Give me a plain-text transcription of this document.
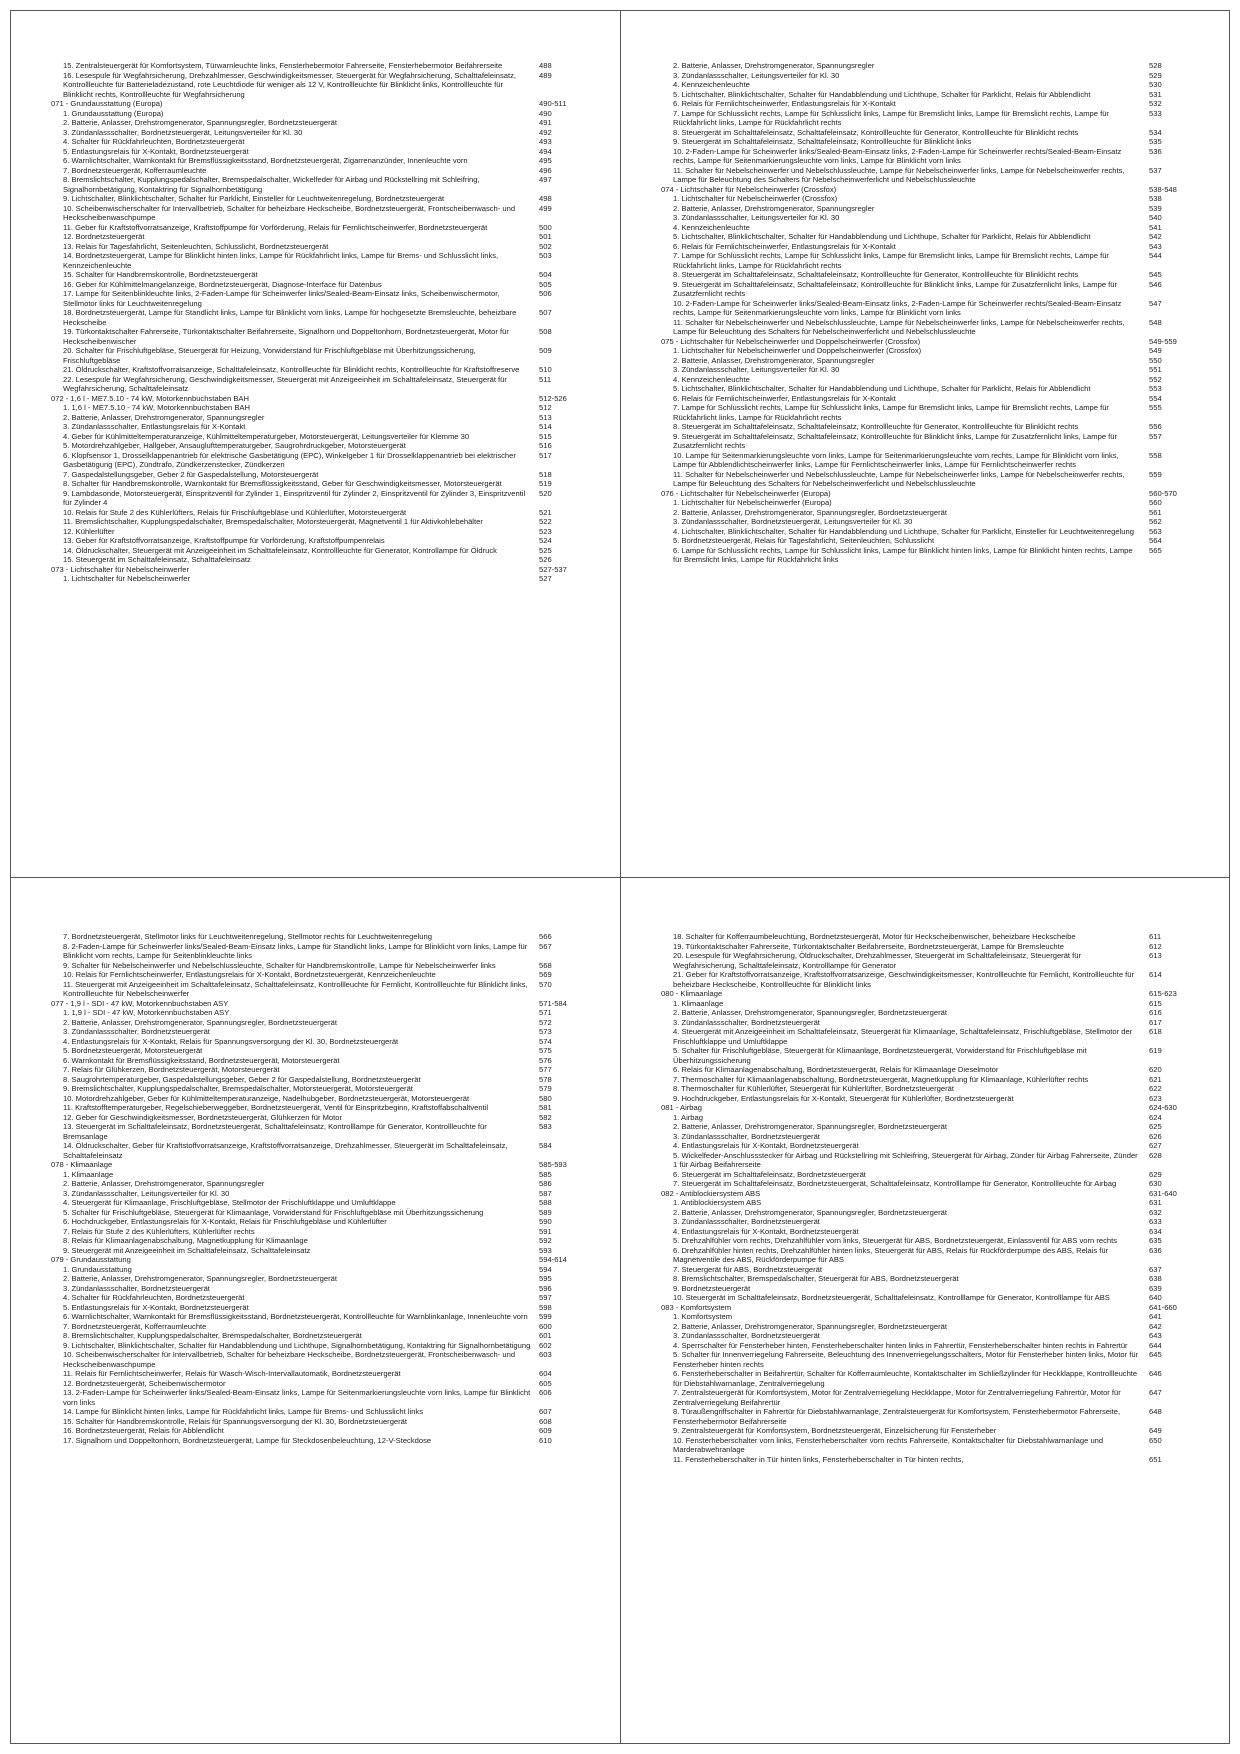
15. Zentralsteuergerät für Komfortsystem, Türwarnleuchte links, Fensterhebermotor Fahrerseite, Fensterhebermotor Beifahrerseite	488
16. Lesespule für Wegfahrsicherung, Drehzahlmesser, Geschwindigkeitsmesser, Steuergerät für Wegfahrsicherung, Schalttafeleinsatz, Kontrollleuchte für Batterieladezustand, rote Leuchtdiode für weniger als 12 V, Kontrollleuchte für Blinklicht links, Kontrollleuchte für Blinklicht rechts, Kontrollleuchte für Wegfahrsicherung
489
071 - Grundausstattung (Europa)	490-511
1. Grundausstattung (Europa)	490
2. Batterie, Anlasser, Drehstromgenerator, Spannungsregler, Bordnetzsteuergerät	491
3. Zündanlassschalter, Bordnetzsteuergerät, Leitungsverteiler für Kl. 30	492
4. Schalter für Rückfahrleuchten, Bordnetzsteuergerät	493
5. Entlastungsrelais für X-Kontakt, Bordnetzsteuergerät	494
6. Warnlichtschalter, Warnkontakt für Bremsflüssigkeitsstand, Bordnetzsteuergerät, Zigarrenanzünder, Innenleuchte vorn	495
7. Bordnetzsteuergerät, Kofferraumleuchte	496
8. Bremslichtschalter, Kupplungspedalschalter, Bremspedalschalter, Wickelfeder für Airbag und Rückstellring mit Schleifring, Signalhornbetätigung, Kontaktring für Signalhornbetätigung
497
9. Lichtschalter, Blinklichtschalter, Schalter für Parklicht, Einsteller für Leuchtweitenregelung, Bordnetzsteuergerät	498
10. Scheibenwischerschalter für Intervallbetrieb, Schalter für beheizbare Heckscheibe, Bordnetzsteuergerät, Frontscheibenwasch- und Heckscheibenwaschpumpe
499
11. Geber für Kraftstoffvorratsanzeige, Kraftstoffpumpe für Vorförderung, Relais für Fernlichtscheinwerfer, Bordnetzsteuergerät	500
12. Bordnetzsteuergerät	501
13. Relais für Tagesfahrlicht, Seitenleuchten, Schlusslicht, Bordnetzsteuergerät	502
14. Bordnetzsteuergerät, Lampe für Blinklicht hinten links, Lampe für Rückfahrlicht links, Lampe für Brems- und Schlusslicht links, Kennzeichenleuchte
503
15. Schalter für Handbremskontrolle, Bordnetzsteuergerät	504
16. Geber für Kühlmittelmangelanzeige, Bordnetzsteuergerät, Diagnose-Interface für Datenbus	505
17. Lampe für Seitenblinkleuchte links, 2-Faden-Lampe für Scheinwerfer links/Sealed-Beam-Einsatz links, Scheibenwischermotor, Stellmotor links für Leuchtweitenregelung
506
18. Bordnetzsteuergerät, Lampe für Standlicht links, Lampe für Blinklicht vorn links, Lampe für hochgesetzte Bremsleuchte, beheizbare Heckscheibe
507
19. Türkontaktschalter Fahrerseite, Türkontaktschalter Beifahrerseite, Signalhorn und Doppeltonhorn, Bordnetzsteuergerät, Motor für Heckscheibenwischer
508
20. Schalter für Frischluftgebläse, Steuergerät für Heizung, Vorwiderstand für Frischluftgebläse mit Überhitzungssicherung, Frischluftgebläse
509
21. Öldruckschalter, Kraftstoffvorratsanzeige, Schalttafeleinsatz, Kontrollleuchte für Blinklicht rechts, Kontrollleuchte für Kraftstoffreserve	510
22. Lesespule für Wegfahrsicherung, Geschwindigkeitsmesser, Steuergerät mit Anzeigeeinheit im Schalttafeleinsatz, Steuergerät für Wegfahrsicherung, Schalttafeleinsatz
511
072 - 1,6 l - ME7.5.10 - 74 kW, Motorkennbuchstaben BAH	512-526
1. 1,6 l - ME7.5.10 - 74 kW, Motorkennbuchstaben BAH	512
2. Batterie, Anlasser, Drehstromgenerator, Spannungsregler	513
3. Zündanlassschalter, Entlastungsrelais für X-Kontakt	514
4. Geber für Kühlmitteltemperaturanzeige, Kühlmitteltemperaturgeber, Motorsteuergerät, Leitungsverteiler für Klemme 30	515
5. Motordrehzahlgeber, Hallgeber, Ansauglufttemperaturgeber, Saugrohrdruckgeber, Motorsteuergerät	516
6. Klopfsensor 1, Drosselklappenantrieb für elektrische Gasbetätigung (EPC), Winkelgeber 1 für Drosselklappenantrieb bei elektrischer Gasbetätigung (EPC), Zündtrafo, Zündkerzenstecker, Zündkerzen
517
7. Gaspedalstellungsgeber, Geber 2 für Gaspedalstellung, Motorsteuergerät	518
8. Schalter für Handbremskontrolle, Warnkontakt für Bremsflüssigkeitsstand, Geber für Geschwindigkeitsmesser, Motorsteuergerät	519
9. Lambdasonde, Motorsteuergerät, Einspritzventil für Zylinder 1, Einspritzventil für Zylinder 2, Einspritzventil für Zylinder 3, Einspritzventil für Zylinder 4
520
10. Relais für Stufe 2 des Kühlerlüfters, Relais für Frischluftgebläse und Kühlerlüfter, Motorsteuergerät	521
11. Bremslichtschalter, Kupplungspedalschalter, Bremspedalschalter, Motorsteuergerät, Magnetventil 1 für Aktivkohlebehälter	522
12. Kühlerlüfter	523
13. Geber für Kraftstoffvorratsanzeige, Kraftstoffpumpe für Vorförderung, Kraftstoffpumpenrelais	524
14. Öldruckschalter, Steuergerät mit Anzeigeeinheit im Schalttafeleinsatz, Kontrollleuchte für Generator, Kontrollampe für Öldruck	525
15. Steuergerät im Schalttafeleinsatz, Schalttafeleinsatz	526
073 - Lichtschalter für Nebelscheinwerfer	527-537
1. Lichtschalter für Nebelscheinwerfer	527
2. Batterie, Anlasser, Drehstromgenerator, Spannungsregler	528
3. Zündanlassschalter, Leitungsverteiler für Kl. 30	529
4. Kennzeichenleuchte	530
5. Lichtschalter, Blinklichtschalter, Schalter für Handabblendung und Lichthupe, Schalter für Parklicht, Relais für Abblendlicht	531
6. Relais für Fernlichtscheinwerfer, Entlastungsrelais für X-Kontakt	532
7. Lampe für Schlusslicht rechts, Lampe für Schlusslicht links, Lampe für Bremslicht links, Lampe für Bremslicht rechts, Lampe für Rückfahrlicht links, Lampe für Rückfahrlicht rechts
533
8. Steuergerät im Schalttafeleinsatz, Schalttafeleinsatz, Kontrollleuchte für Generator, Kontrollleuchte für Blinklicht rechts	534
9. Steuergerät im Schalttafeleinsatz, Schalttafeleinsatz, Kontrollleuchte für Blinklicht links	535
10. 2-Faden-Lampe für Scheinwerfer links/Sealed-Beam-Einsatz links, 2-Faden-Lampe für Scheinwerfer rechts/Sealed-Beam-Einsatz rechts, Lampe für Seitenmarkierungsleuchte vorn links, Lampe für Blinklicht vorn links
536
11. Schalter für Nebelscheinwerfer und Nebelschlussleuchte, Lampe für Nebelscheinwerfer links, Lampe für Nebelscheinwerfer rechts, Lampe für Beleuchtung des Schalters für Nebelscheinwerferlicht und Nebelschlussleuchte
537
074 - Lichtschalter für Nebelscheinwerfer (Crossfox)	538-548
1. Lichtschalter für Nebelscheinwerfer (Crossfox)	538
2. Batterie, Anlasser, Drehstromgenerator, Spannungsregler	539
3. Zündanlassschalter, Leitungsverteiler für Kl. 30	540
4. Kennzeichenleuchte	541
5. Lichtschalter, Blinklichtschalter, Schalter für Handabblendung und Lichthupe, Schalter für Parklicht, Relais für Abblendlicht	542
6. Relais für Fernlichtscheinwerfer, Entlastungsrelais für X-Kontakt	543
7. Lampe für Schlusslicht rechts, Lampe für Schlusslicht links, Lampe für Bremslicht links, Lampe für Bremslicht rechts, Lampe für Rückfahrlicht links, Lampe für Rückfahrlicht rechts
544
8. Steuergerät im Schalttafeleinsatz, Schalttafeleinsatz, Kontrollleuchte für Generator, Kontrollleuchte für Blinklicht rechts	545
9. Steuergerät im Schalttafeleinsatz, Schalttafeleinsatz, Kontrollleuchte für Blinklicht links, Lampe für Zusatzfernlicht links, Lampe für Zusatzfernlicht rechts
546
10. 2-Faden-Lampe für Scheinwerfer links/Sealed-Beam-Einsatz links, 2-Faden-Lampe für Scheinwerfer rechts/Sealed-Beam-Einsatz rechts, Lampe für Seitenmarkierungsleuchte vorn links, Lampe für Blinklicht vorn links
547
11. Schalter für Nebelscheinwerfer und Nebelschlussleuchte, Lampe für Nebelscheinwerfer links, Lampe für Nebelscheinwerfer rechts, Lampe für Beleuchtung des Schalters für Nebelscheinwerferlicht und Nebelschlussleuchte
548
075 - Lichtschalter für Nebelscheinwerfer und Doppelscheinwerfer (Crossfox)	549-559
1. Lichtschalter für Nebelscheinwerfer und Doppelscheinwerfer (Crossfox)	549
2. Batterie, Anlasser, Drehstromgenerator, Spannungsregler	550
3. Zündanlassschalter, Leitungsverteiler für Kl. 30	551
4. Kennzeichenleuchte	552
5. Lichtschalter, Blinklichtschalter, Schalter für Handabblendung und Lichthupe, Schalter für Parklicht, Relais für Abblendlicht	553
6. Relais für Fernlichtscheinwerfer, Entlastungsrelais für X-Kontakt	554
7. Lampe für Schlusslicht rechts, Lampe für Schlusslicht links, Lampe für Bremslicht links, Lampe für Bremslicht rechts, Lampe für Rückfahrlicht links, Lampe für Rückfahrlicht rechts
555
8. Steuergerät im Schalttafeleinsatz, Schalttafeleinsatz, Kontrollleuchte für Generator, Kontrollleuchte für Blinklicht rechts	556
9. Steuergerät im Schalttafeleinsatz, Schalttafeleinsatz, Kontrollleuchte für Blinklicht links, Lampe für Zusatzfernlicht links, Lampe für Zusatzfernlicht rechts
557
10. Lampe für Seitenmarkierungsleuchte vorn links, Lampe für Seitenmarkierungsleuchte vorn rechts, Lampe für Blinklicht vorn links, Lampe für Abblendlichtscheinwerfer links, Lampe für Fernlichtscheinwerfer links, Lampe für Fernlichtscheinwerfer rechts
558
11. Schalter für Nebelscheinwerfer und Nebelschlussleuchte, Lampe für Nebelscheinwerfer links, Lampe für Nebelscheinwerfer rechts, Lampe für Beleuchtung des Schalters für Nebelscheinwerferlicht und Nebelschlussleuchte
559
076 - Lichtschalter für Nebelscheinwerfer (Europa)	560-570
1. Lichtschalter für Nebelscheinwerfer (Europa)	560
2. Batterie, Anlasser, Drehstromgenerator, Spannungsregler, Bordnetzsteuergerät	561
3. Zündanlassschalter, Bordnetzsteuergerät, Leitungsverteiler für Kl. 30	562
4. Lichtschalter, Blinklichtschalter, Schalter für Handabblendung und Lichthupe, Schalter für Parklicht, Einsteller für Leuchtweitenregelung 563
5. Bordnetzsteuergerät, Relais für Tagesfahrlicht, Seitenleuchten, Schlusslicht	564
6. Lampe für Schlusslicht rechts, Lampe für Schlusslicht links, Lampe für Blinklicht hinten links, Lampe für Blinklicht hinten rechts, Lampe für Bremslicht links, Lampe für Rückfahrlicht links
565
7. Bordnetzsteuergerät, Stellmotor links für Leuchtweitenregelung, Stellmotor rechts für Leuchtweitenregelung	566
8. 2-Faden-Lampe für Scheinwerfer links/Sealed-Beam-Einsatz links, Lampe für Standlicht links, Lampe für Blinklicht vorn links, Lampe für Blinklicht vorn rechts, Lampe für Seitenblinkleuchte links
567
9. Schalter für Nebelscheinwerfer und Nebelschlussleuchte, Schalter für Handbremskontrolle, Lampe für Nebelscheinwerfer links	568
10. Relais für Fernlichtscheinwerfer, Entlastungsrelais für X-Kontakt, Bordnetzsteuergerät, Kennzeichenleuchte	569
11. Steuergerät mit Anzeigeeinheit im Schalttafeleinsatz, Schalttafeleinsatz, Kontrollleuchte für Fernlicht, Kontrollleuchte für Blinklicht links, Kontrollleuchte für Nebelscheinwerfer
570
077 - 1,9 l - SDI - 47 kW, Motorkennbuchstaben ASY	571-584
1. 1,9 l - SDI - 47 kW, Motorkennbuchstaben ASY	571
2. Batterie, Anlasser, Drehstromgenerator, Spannungsregler, Bordnetzsteuergerät	572
3. Zündanlassschalter, Bordnetzsteuergerät	573
4. Entlastungsrelais für X-Kontakt, Relais für Spannungsversorgung der Kl. 30, Bordnetzsteuergerät	574
5. Bordnetzsteuergerät, Motorsteuergerät	575
6. Warnkontakt für Bremsflüssigkeitsstand, Bordnetzsteuergerät, Motorsteuergerät	576
7. Relais für Glühkerzen, Bordnetzsteuergerät, Motorsteuergerät	577
8. Saugrohrtemperaturgeber, Gaspedalstellungsgeber, Geber 2 für Gaspedalstellung, Bordnetzsteuergerät	578
9. Bremslichtschalter, Kupplungspedalschalter, Bremspedalschalter, Motorsteuergerät, Motorsteuergerät	579
10. Motordrehzahlgeber, Geber für Kühlmitteltemperaturanzeige, Nadelhubgeber, Bordnetzsteuergerät, Motorsteuergerät	580
11. Kraftstofftemperaturgeber, Regelschieberweggeber, Bordnetzsteuergerät, Ventil für Einspritzbeginn, Kraftstoffabschaltventil	581
12. Geber für Geschwindigkeitsmesser, Bordnetzsteuergerät, Glühkerzen für Motor	582
13. Steuergerät im Schalttafeleinsatz, Bordnetzsteuergerät, Schalttafeleinsatz, Kontrolllampe für Generator, Kontrollleuchte für Bremsanlage
583
14. Öldruckschalter, Geber für Kraftstoffvorratsanzeige, Kraftstoffvorratsanzeige, Drehzahlmesser, Steuergerät im Schalttafeleinsatz, Schalttafeleinsatz
584
078 - Klimaanlage	585-593
1. Klimaanlage	585
2. Batterie, Anlasser, Drehstromgenerator, Spannungsregler	586
3. Zündanlassschalter, Leitungsverteiler für Kl. 30	587
4. Steuergerät für Klimaanlage, Frischluftgebläse, Stellmotor der Frischluftklappe und Umluftklappe	588
5. Schalter für Frischluftgebläse, Steuergerät für Klimaanlage, Vorwiderstand für Frischluftgebläse mit Überhitzungssicherung	589
6. Hochdruckgeber, Entlastungsrelais für X-Kontakt, Relais für Frischluftgebläse und Kühlerlüfter	590
7. Relais für Stufe 2 des Kühlerlüfters, Kühlerlüfter rechts	591
8. Relais für Klimaanlagenabschaltung, Magnetkupplung für Klimaanlage	592
9. Steuergerät mit Anzeigeeinheit im Schalttafeleinsatz, Schalttafeleinsatz	593
079 - Grundausstattung	594-614
1. Grundausstattung	594
2. Batterie, Anlasser, Drehstromgenerator, Spannungsregler, Bordnetzsteuergerät	595
3. Zündanlassschalter, Bordnetzsteuergerät	596
4. Schalter für Rückfahrleuchten, Bordnetzsteuergerät	597
5. Entlastungsrelais für X-Kontakt, Bordnetzsteuergerät	598
6. Warnlichtschalter, Warnkontakt für Bremsflüssigkeitsstand, Bordnetzsteuergerät, Kontrollleuchte für Warnblinkanlage, Innenleuchte vorn 599
7. Bordnetzsteuergerät, Kofferraumleuchte	600
8. Bremslichtschalter, Kupplungspedalschalter, Bremspedalschalter, Bordnetzsteuergerät	601
9. Lichtschalter, Blinklichtschalter, Schalter für Handabblendung und Lichthupe, Signalhornbetätigung, Kontaktring für Signalhornbetätigung 602
10. Scheibenwischerschalter für Intervallbetrieb, Schalter für beheizbare Heckscheibe, Bordnetzsteuergerät, Frontscheibenwasch- und Heckscheibenwaschpumpe
603
11. Relais für Fernlichtscheinwerfer, Relais für Wasch-Wisch-Intervallautomatik, Bordnetzsteuergerät	604
12. Bordnetzsteuergerät, Scheibenwischermotor	605
13. 2-Faden-Lampe für Scheinwerfer links/Sealed-Beam-Einsatz links, Lampe für Seitenmarkierungsleuchte vorn links, Lampe für Blinklicht vorn links
606
14. Lampe für Blinklicht hinten links, Lampe für Rückfahrlicht links, Lampe für Brems- und Schlusslicht links	607
15. Schalter für Handbremskontrolle, Relais für Spannungsversorgung der Kl. 30, Bordnetzsteuergerät	608
16. Bordnetzsteuergerät, Relais für Abblendlicht	609
17. Signalhorn und Doppeltonhorn, Bordnetzsteuergerät, Lampe für Steckdosenbeleuchtung, 12-V-Steckdose	610
18. Schalter für Kofferraumbeleuchtung, Bordnetzsteuergerät, Motor für Heckscheibenwischer, beheizbare Heckscheibe	611
19. Türkontaktschalter Fahrerseite, Türkontaktschalter Beifahrerseite, Bordnetzsteuergerät, Lampe für Bremsleuchte	612
20. Lesespule für Wegfahrsicherung, Öldruckschalter, Drehzahlmesser, Steuergerät im Schalttafeleinsatz, Steuergerät für Wegfahrsicherung, Schalttafeleinsatz, Kontrolllampe für Generator
613
21. Geber für Kraftstoffvorratsanzeige, Kraftstoffvorratsanzeige, Geschwindigkeitsmesser, Kontrollleuchte für Fernlicht, Kontrollleuchte für beheizbare Heckscheibe, Kontrollleuchte für Blinklicht links
614
080 - Klimaanlage	615-623
1. Klimaanlage	615
2. Batterie, Anlasser, Drehstromgenerator, Spannungsregler, Bordnetzsteuergerät	616
3. Zündanlassschalter, Bordnetzsteuergerät	617
4. Steuergerät mit Anzeigeeinheit im Schalttafeleinsatz, Steuergerät für Klimaanlage, Schalttafeleinsatz, Frischluftgebläse, Stellmotor der Frischluftklappe und Umluftklappe
618
5. Schalter für Frischluftgebläse, Steuergerät für Klimaanlage, Bordnetzsteuergerät, Vorwiderstand für Frischluftgebläse mit Überhitzungssicherung
619
6. Relais für Klimaanlagenabschaltung, Bordnetzsteuergerät, Relais für Klimaanlage Dieselmotor	620
7. Thermoschalter für Klimaanlagenabschaltung, Bordnetzsteuergerät, Magnetkupplung für Klimaanlage, Kühlerlüfter rechts	621
8. Thermoschalter für Kühlerlüfter, Steuergerät für Kühlerlüfter, Bordnetzsteuergerät	622
9. Hochdruckgeber, Entlastungsrelais für X-Kontakt, Steuergerät für Kühlerlüfter, Bordnetzsteuergerät	623
081 - Airbag	624-630
1. Airbag	624
2. Batterie, Anlasser, Drehstromgenerator, Spannungsregler, Bordnetzsteuergerät	625
3. Zündanlassschalter, Bordnetzsteuergerät	626
4. Entlastungsrelais für X-Kontakt, Bordnetzsteuergerät	627
5. Wickelfeder-Anschlussstecker für Airbag und Rückstellring mit Schleifring, Steuergerät für Airbag, Zünder für Airbag Fahrerseite, Zünder 1 für Airbag Beifahrerseite
628
6. Steuergerät im Schalttafeleinsatz, Bordnetzsteuergerät	629
7. Steuergerät im Schalttafeleinsatz, Bordnetzsteuergerät, Schalttafeleinsatz, Kontrolllampe für Generator, Kontrollleuchte für Airbag	630
082 - Antiblockiersystem ABS	631-640
1. Antiblockiersystem ABS	631
2. Batterie, Anlasser, Drehstromgenerator, Spannungsregler, Bordnetzsteuergerät	632
3. Zündanlassschalter, Bordnetzsteuergerät	633
4. Entlastungsrelais für X-Kontakt, Bordnetzsteuergerät	634
5. Drehzahlfühler vorn rechts, Drehzahlfühler vorn links, Steuergerät für ABS, Bordnetzsteuergerät, Einlassventil für ABS vorn rechts	635
6. Drehzahlfühler hinten rechts, Drehzahlfühler hinten links, Steuergerät für ABS, Relais für Rückförderpumpe des ABS, Relais für Magnetventile des ABS, Rückförderpumpe für ABS
636
7. Steuergerät für ABS, Bordnetzsteuergerät	637
8. Bremslichtschalter, Bremspedalschalter, Steuergerät für ABS, Bordnetzsteuergerät	638
9. Bordnetzsteuergerät	639
10. Steuergerät im Schalttafeleinsatz, Bordnetzsteuergerät, Schalttafeleinsatz, Kontrolllampe für Generator, Kontrolllampe für ABS	640
083 - Komfortsystem	641-660
1. Komfortsystem	641
2. Batterie, Anlasser, Drehstromgenerator, Spannungsregler, Bordnetzsteuergerät	642
3. Zündanlassschalter, Bordnetzsteuergerät	643
4. Sperrschalter für Fensterheber hinten, Fensterheberschalter hinten links in Fahrertür, Fensterheberschalter hinten rechts in Fahrertür	644
5. Schalter für Innenverriegelung Fahrerseite, Beleuchtung des Innenverriegelungsschalters, Motor für Fensterheber hinten links, Motor für Fensterheber hinten rechts
645
6. Fensterheberschalter in Beifahrertür, Schalter für Kofferraumleuchte, Kontaktschalter im Schließzylinder für Heckklappe, Kontrollleuchte für Diebstahlwarnanlage, Zentralverriegelung
646
7. Zentralsteuergerät für Komfortsystem, Motor für Zentralverriegelung Heckklappe, Motor für Zentralverriegelung Fahrertür, Motor für Zentralverriegelung Beifahrertür
647
8. Türaußengriffschalter in Fahrertür für Diebstahlwarnanlage, Zentralsteuergerät für Komfortsystem, Fensterhebermotor Fahrerseite, Fensterhebermotor Beifahrerseite
648
9. Zentralsteuergerät für Komfortsystem, Bordnetzsteuergerät, Einzelsicherung für Fensterheber	649
10. Fensterheberschalter vorn links, Fensterheberschalter vorn rechts Fahrerseite, Kontaktschalter für Diebstahlwarnanlage und Marderabwehranlage
650
11. Fensterheberschalter in Tür hinten links, Fensterheberschalter in Tür hinten rechts,	651
